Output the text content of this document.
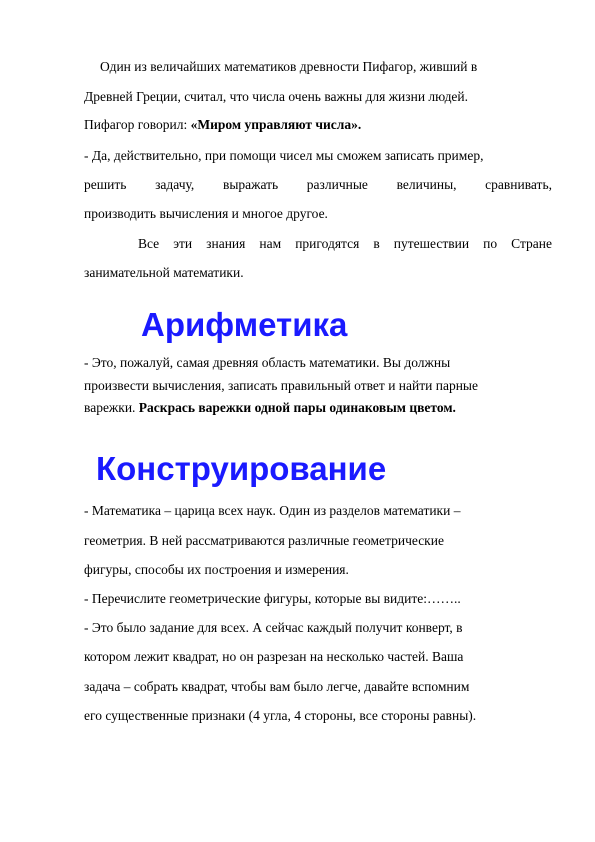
Один из величайших математиков древности Пифагор, живший в
Древней Греции, считал, что числа очень важны для жизни людей.
Пифагор говорил: «Миром управляют числа».
- Да, действительно, при помощи чисел мы сможем записать пример,
решить задачу, выражать различные величины, сравнивать,
производить вычисления и многое другое.
Все эти знания нам пригодятся в путешествии по Стране
занимательной математики.
Арифметика
- Это, пожалуй, самая древняя область математики. Вы должны
произвести вычисления, записать правильный ответ и найти парные
варежки. Раскрась варежки одной пары одинаковым цветом.
Конструирование
- Математика – царица всех наук. Один из разделов математики –
геометрия. В ней рассматриваются различные геометрические
фигуры, способы их построения и измерения.
- Перечислите геометрические фигуры, которые вы видите:……..
- Это было задание для всех. А сейчас каждый получит конверт, в
котором лежит квадрат, но он разрезан на несколько частей. Ваша
задача – собрать квадрат, чтобы вам было легче, давайте вспомним
его существенные признаки (4 угла, 4 стороны, все стороны равны).
